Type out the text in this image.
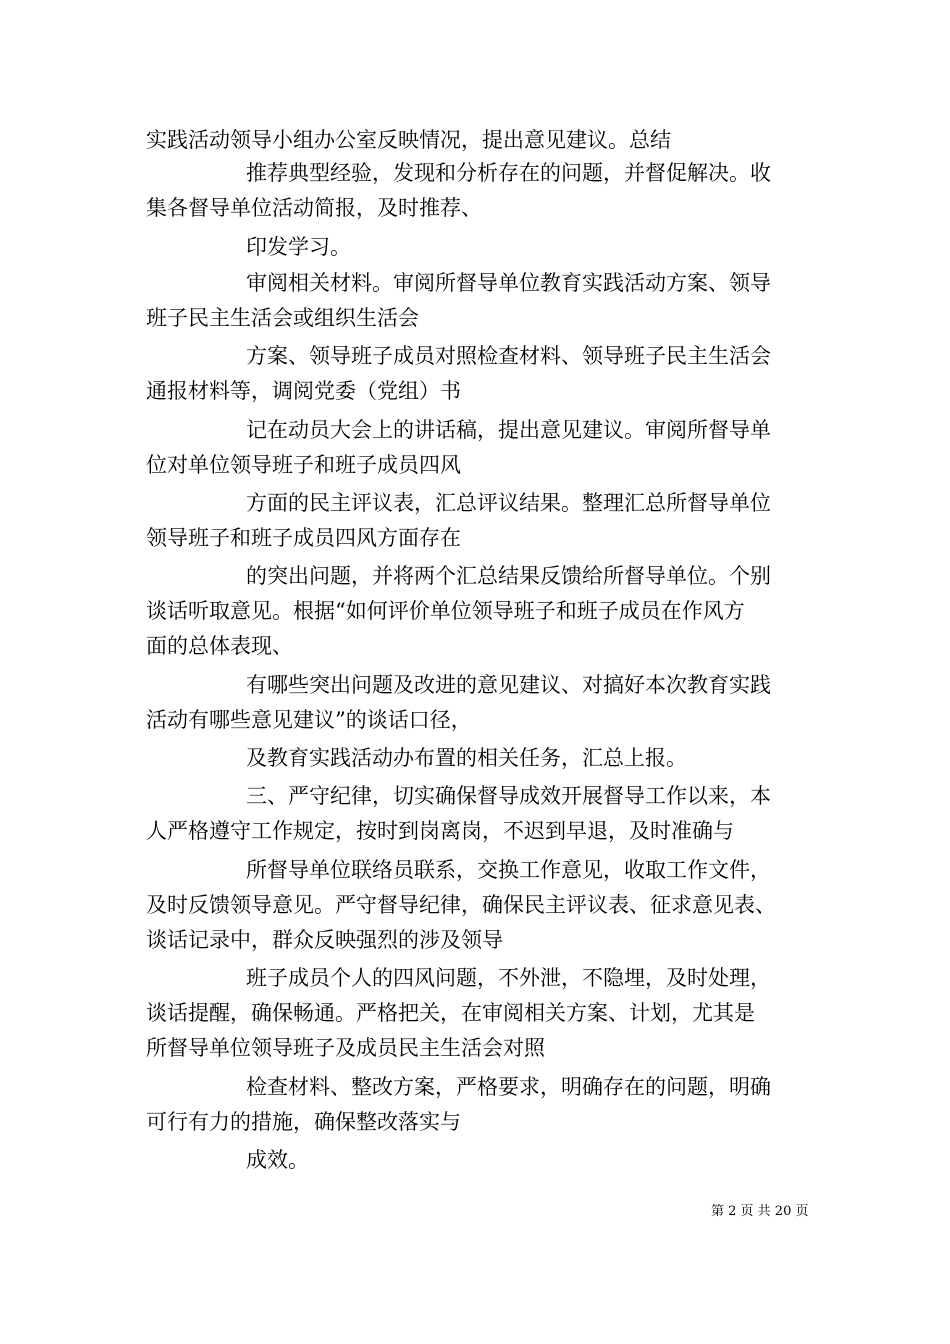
实践活动领导小组办公室反映情况，提出意见建议。总结
推荐典型经验，发现和分析存在的问题，并督促解决。收
集各督导单位活动简报，及时推荐、
印发学习。
审阅相关材料。审阅所督导单位教育实践活动方案、领导
班子民主生活会或组织生活会
方案、领导班子成员对照检查材料、领导班子民主生活会
通报材料等，调阅党委（党组）书
记在动员大会上的讲话稿，提出意见建议。审阅所督导单
位对单位领导班子和班子成员四风
方面的民主评议表，汇总评议结果。整理汇总所督导单位
领导班子和班子成员四风方面存在
的突出问题，并将两个汇总结果反馈给所督导单位。个别
谈话听取意见。根据“如何评价单位领导班子和班子成员在作风方
面的总体表现、
有哪些突出问题及改进的意见建议、对搞好本次教育实践
活动有哪些意见建议”的谈话口径，
及教育实践活动办布置的相关任务，汇总上报。
三、严守纪律，切实确保督导成效开展督导工作以来，本
人严格遵守工作规定，按时到岗离岗，不迟到早退，及时准确与
所督导单位联络员联系，交换工作意见，收取工作文件，
及时反馈领导意见。严守督导纪律，确保民主评议表、征求意见表、
谈话记录中，群众反映强烈的涉及领导
班子成员个人的四风问题，不外泄，不隐埋，及时处理，
谈话提醒，确保畅通。严格把关，在审阅相关方案、计划，尤其是
所督导单位领导班子及成员民主生活会对照
检查材料、整改方案，严格要求，明确存在的问题，明确
可行有力的措施，确保整改落实与
成效。
第 2 页 共 20 页
